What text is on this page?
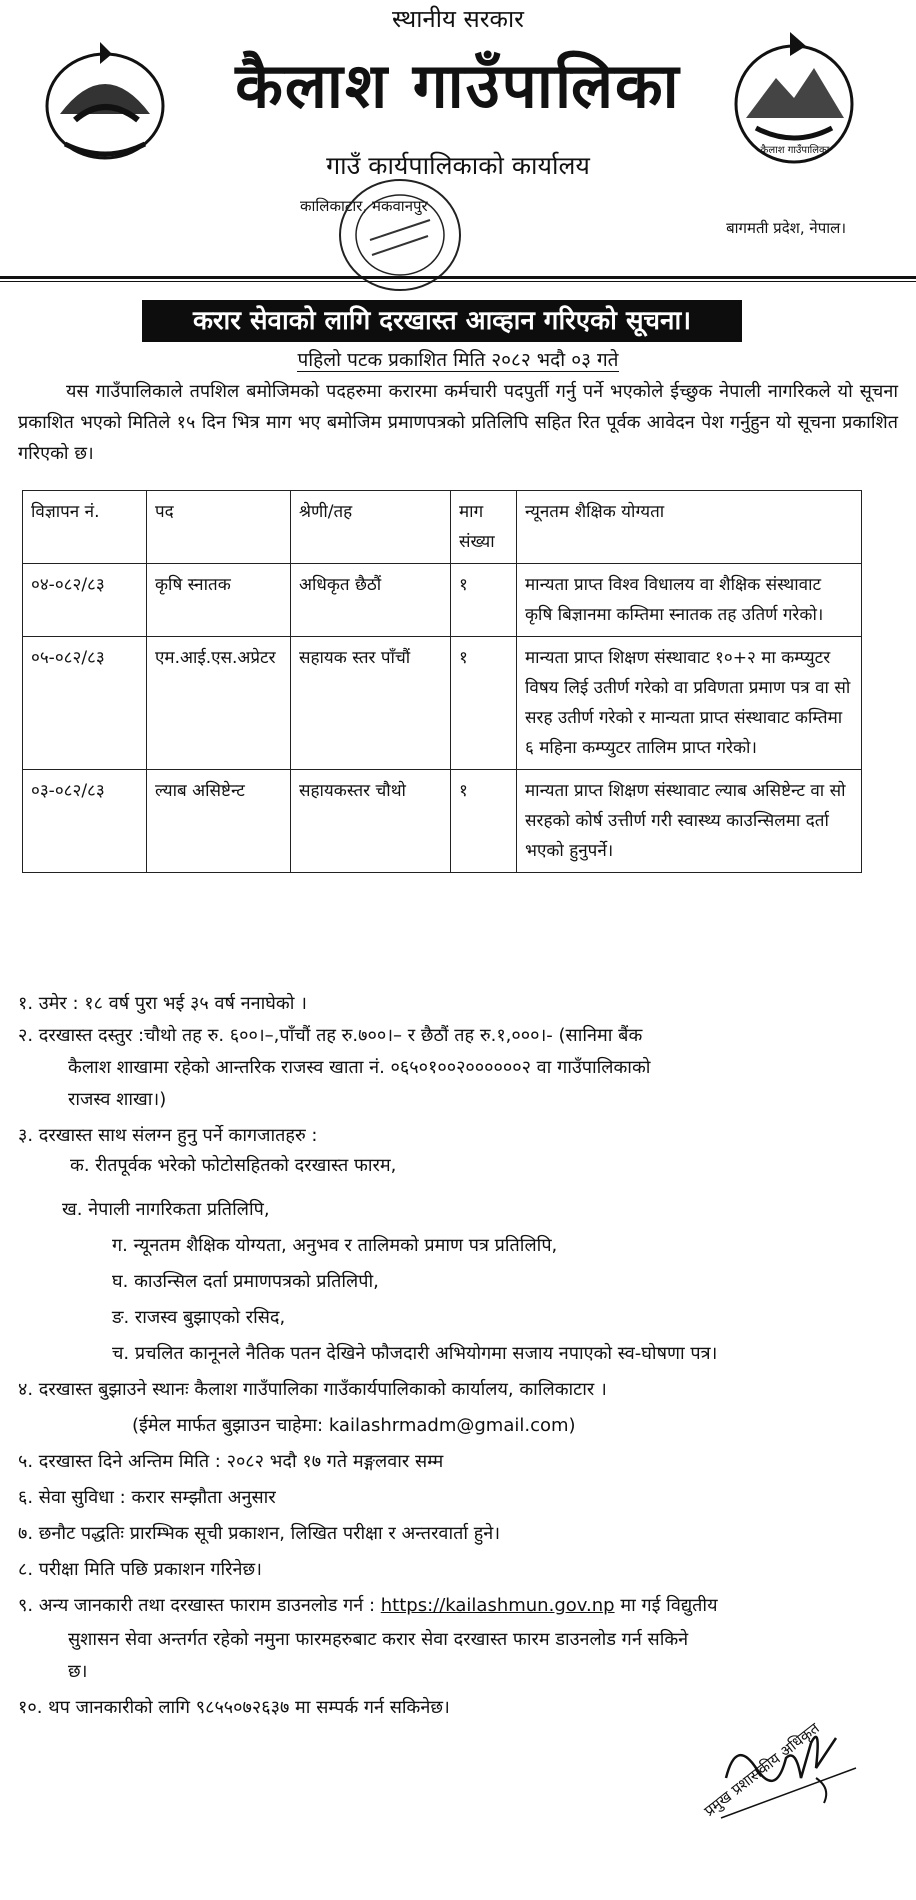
कैलाश गाउँपालिका
स्थानीय सरकार
कैलाश गाउँपालिका
गाउँ कार्यपालिकाको कार्यालय
कालिकाटार, मकवानपुर
बागमती प्रदेश, नेपाल।
करार सेवाको लागि दरखास्त आव्हान गरिएको सूचना।
पहिलो पटक प्रकाशित मिति २०८२ भदौ ०३ गते
यस गाउँपालिकाले तपशिल बमोजिमको पदहरुमा करारमा कर्मचारी पदपुर्ती गर्नु पर्ने भएकोले ईच्छुक नेपाली नागरिकले यो सूचना प्रकाशित भएको मितिले १५ दिन भित्र माग भए बमोजिम प्रमाणपत्रको प्रतिलिपि सहित रित पूर्वक आवेदन पेश गर्नुहुन यो सूचना प्रकाशित गरिएको छ।
विज्ञापन नं.	पद	श्रेणी/तह	माग संख्या	न्यूनतम शैक्षिक योग्यता
०४-०८२/८३	कृषि स्नातक	अधिकृत छैठौं	१	मान्यता प्राप्त विश्व विधालय वा शैक्षिक संस्थावाट कृषि बिज्ञानमा कम्तिमा स्नातक तह उतिर्ण गरेको।
०५-०८२/८३	एम.आई.एस.अप्रेटर	सहायक स्तर पाँचौं	१	मान्यता प्राप्त शिक्षण संस्थावाट १०+२ मा कम्प्युटर विषय लिई उतीर्ण गरेको वा प्रविणता प्रमाण पत्र वा सो सरह उतीर्ण गरेको र मान्यता प्राप्त संस्थावाट कम्तिमा ६ महिना कम्प्युटर तालिम प्राप्त गरेको।
०३-०८२/८३	ल्याब असिष्टेन्ट	सहायकस्तर चौथो	१	मान्यता प्राप्त शिक्षण संस्थावाट ल्याब असिष्टेन्ट वा सो सरहको कोर्ष उत्तीर्ण गरी स्वास्थ्य काउन्सिलमा दर्ता भएको हुनुपर्ने।
१. उमेर : १८ वर्ष पुरा भई ३५ वर्ष ननाघेको ।
२. दरखास्त दस्तुर :चौथो तह रु. ६००।–,पाँचौं तह रु.७००।– र छैठौं तह रु.१,०००।- (सानिमा बैंक
कैलाश शाखामा रहेको आन्तरिक राजस्व खाता नं. ०६५०१००२००००००२ वा गाउँपालिकाको
राजस्व शाखा।)
३. दरखास्त साथ संलग्न हुनु पर्ने कागजातहरु :
क. रीतपूर्वक भरेको फोटोसहितको दरखास्त फारम,
ख. नेपाली नागरिकता प्रतिलिपि,
ग. न्यूनतम शैक्षिक योग्यता, अनुभव र तालिमको प्रमाण पत्र प्रतिलिपि,
घ. काउन्सिल दर्ता प्रमाणपत्रको प्रतिलिपी,
ङ. राजस्व बुझाएको रसिद,
च. प्रचलित कानूनले नैतिक पतन देखिने फौजदारी अभियोगमा सजाय नपाएको स्व-घोषणा पत्र।
४. दरखास्त बुझाउने स्थानः कैलाश गाउँपालिका गाउँकार्यपालिकाको कार्यालय, कालिकाटार ।
(ईमेल मार्फत बुझाउन चाहेमा: kailashrmadm@gmail.com)
५. दरखास्त दिने अन्तिम मिति : २०८२ भदौ १७ गते मङ्गलवार सम्म
६. सेवा सुविधा : करार सम्झौता अनुसार
७. छनौट पद्धतिः प्रारम्भिक सूची प्रकाशन, लिखित परीक्षा र अन्तरवार्ता हुने।
८. परीक्षा मिति पछि प्रकाशन गरिनेछ।
९. अन्य जानकारी तथा दरखास्त फाराम डाउनलोड गर्न : https://kailashmun.gov.np मा गई विद्युतीय
सुशासन सेवा अन्तर्गत रहेको नमुना फारमहरुबाट करार सेवा दरखास्त फारम डाउनलोड गर्न सकिने
छ।
१०. थप जानकारीको लागि ९८५५०७२६३७ मा सम्पर्क गर्न सकिनेछ।
प्रमुख प्रशासकीय अधिकृत
